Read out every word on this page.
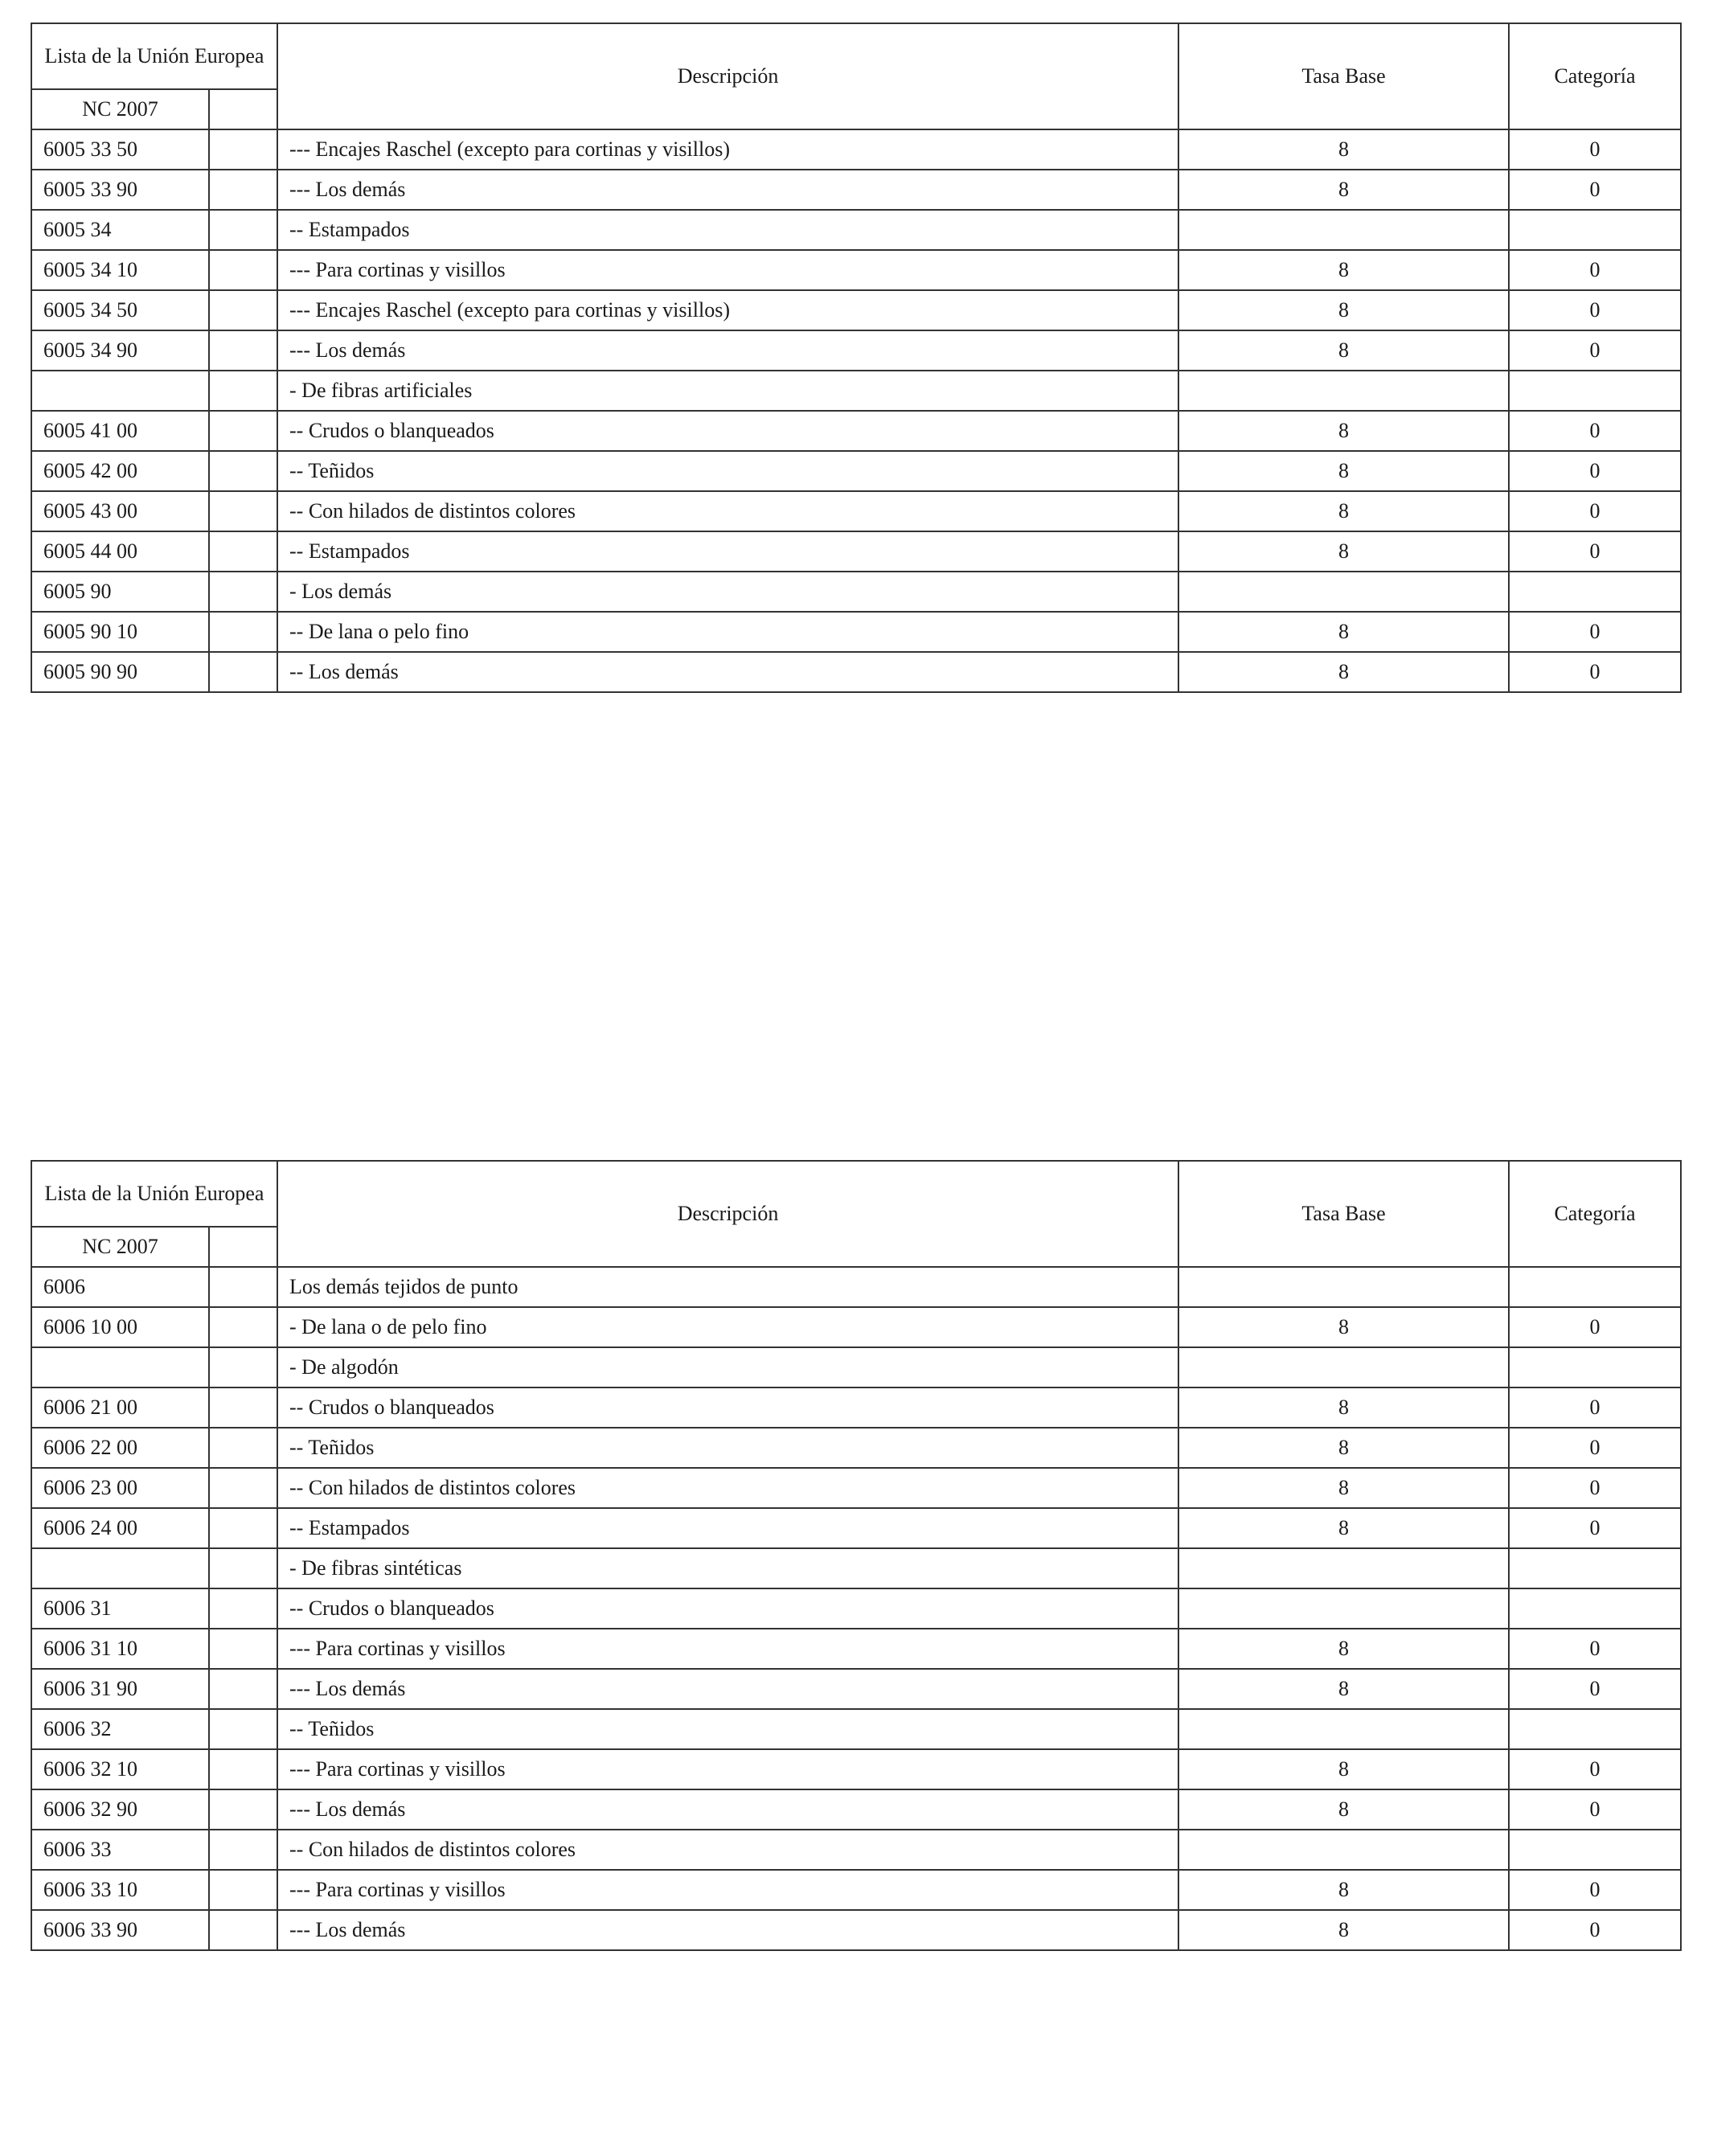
Lista de la Unión Europea		Descripción	Tasa Base	Categoría
NC 2007				
6005 33 50		--- Encajes Raschel (excepto para cortinas y visillos)	8	0
6005 33 90		--- Los demás	8	0
6005 34		-- Estampados		
6005 34 10		--- Para cortinas y visillos	8	0
6005 34 50		--- Encajes Raschel (excepto para cortinas y visillos)	8	0
6005 34 90		--- Los demás	8	0
		- De fibras artificiales		
6005 41 00		-- Crudos o blanqueados	8	0
6005 42 00		-- Teñidos	8	0
6005 43 00		-- Con hilados de distintos colores	8	0
6005 44 00		-- Estampados	8	0
6005 90		- Los demás		
6005 90 10		-- De lana o pelo fino	8	0
6005 90 90		-- Los demás	8	0
Lista de la Unión Europea		Descripción	Tasa Base	Categoría
NC 2007				
6006		Los demás tejidos de punto		
6006 10 00		- De lana o de pelo fino	8	0
		- De algodón		
6006 21 00		-- Crudos o blanqueados	8	0
6006 22 00		-- Teñidos	8	0
6006 23 00		-- Con hilados de distintos colores	8	0
6006 24 00		-- Estampados	8	0
		- De fibras sintéticas		
6006 31		-- Crudos o blanqueados		
6006 31 10		--- Para cortinas y visillos	8	0
6006 31 90		--- Los demás	8	0
6006 32		-- Teñidos		
6006 32 10		--- Para cortinas y visillos	8	0
6006 32 90		--- Los demás	8	0
6006 33		-- Con hilados de distintos colores		
6006 33 10		--- Para cortinas y visillos	8	0
6006 33 90		--- Los demás	8	0
